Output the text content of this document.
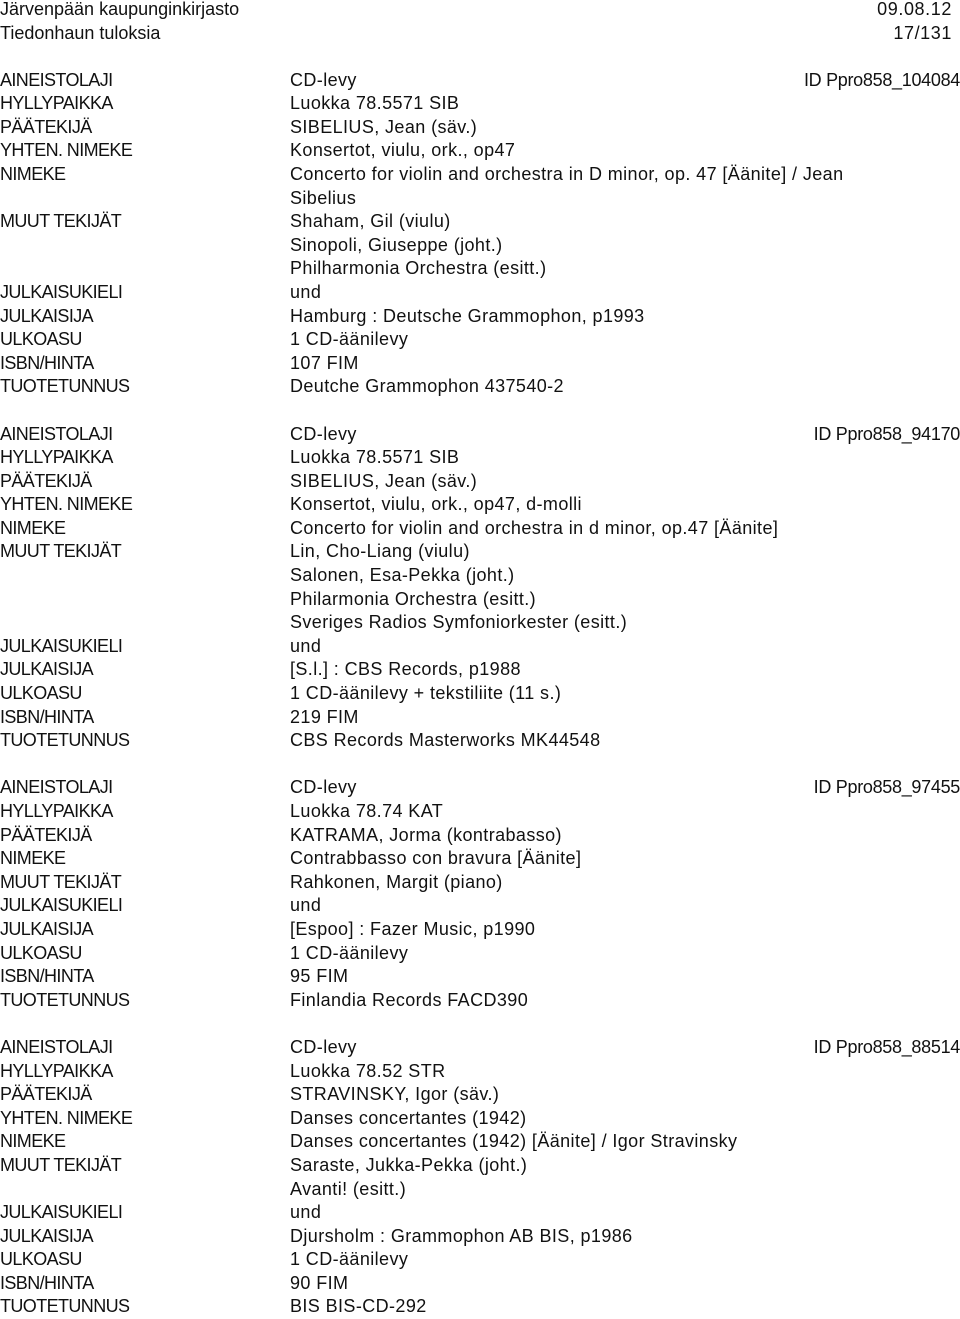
Järvenpään kaupunginkirjasto	09.08.12
Tiedonhaun tuloksia	17/131
AINEISTOLAJI	CD-levy	ID Ppro858_104084
HYLLYPAIKKA	Luokka 78.5571 SIB
PÄÄTEKIJÄ	SIBELIUS, Jean (säv.)
YHTEN. NIMEKE	Konsertot, viulu, ork., op47
NIMEKE	Concerto for violin and orchestra in D minor, op. 47 [Äänite] / Jean
Sibelius
MUUT TEKIJÄT	Shaham, Gil (viulu)
Sinopoli, Giuseppe (joht.)
Philharmonia Orchestra (esitt.)
JULKAISUKIELI	und
JULKAISIJA	Hamburg : Deutsche Grammophon, p1993
ULKOASU	1 CD-äänilevy
ISBN/HINTA	107 FIM
TUOTETUNNUS	Deutche Grammophon 437540-2
AINEISTOLAJI	CD-levy	ID Ppro858_94170
HYLLYPAIKKA	Luokka 78.5571 SIB
PÄÄTEKIJÄ	SIBELIUS, Jean (säv.)
YHTEN. NIMEKE	Konsertot, viulu, ork., op47, d-molli
NIMEKE	Concerto for violin and orchestra in d minor, op.47 [Äänite]
MUUT TEKIJÄT	Lin, Cho-Liang (viulu)
Salonen, Esa-Pekka (joht.)
Philarmonia Orchestra (esitt.)
Sveriges Radios Symfoniorkester (esitt.)
JULKAISUKIELI	und
JULKAISIJA	[S.l.] : CBS Records, p1988
ULKOASU	1 CD-äänilevy + tekstiliite (11 s.)
ISBN/HINTA	219 FIM
TUOTETUNNUS	CBS Records Masterworks MK44548
AINEISTOLAJI	CD-levy	ID Ppro858_97455
HYLLYPAIKKA	Luokka 78.74 KAT
PÄÄTEKIJÄ	KATRAMA, Jorma (kontrabasso)
NIMEKE	Contrabbasso con bravura [Äänite]
MUUT TEKIJÄT	Rahkonen, Margit (piano)
JULKAISUKIELI	und
JULKAISIJA	[Espoo] : Fazer Music, p1990
ULKOASU	1 CD-äänilevy
ISBN/HINTA	95 FIM
TUOTETUNNUS	Finlandia Records FACD390
AINEISTOLAJI	CD-levy	ID Ppro858_88514
HYLLYPAIKKA	Luokka 78.52 STR
PÄÄTEKIJÄ	STRAVINSKY, Igor (säv.)
YHTEN. NIMEKE	Danses concertantes (1942)
NIMEKE	Danses concertantes (1942) [Äänite] / Igor Stravinsky
MUUT TEKIJÄT	Saraste, Jukka-Pekka (joht.)
Avanti! (esitt.)
JULKAISUKIELI	und
JULKAISIJA	Djursholm : Grammophon AB BIS, p1986
ULKOASU	1 CD-äänilevy
ISBN/HINTA	90 FIM
TUOTETUNNUS	BIS BIS-CD-292
